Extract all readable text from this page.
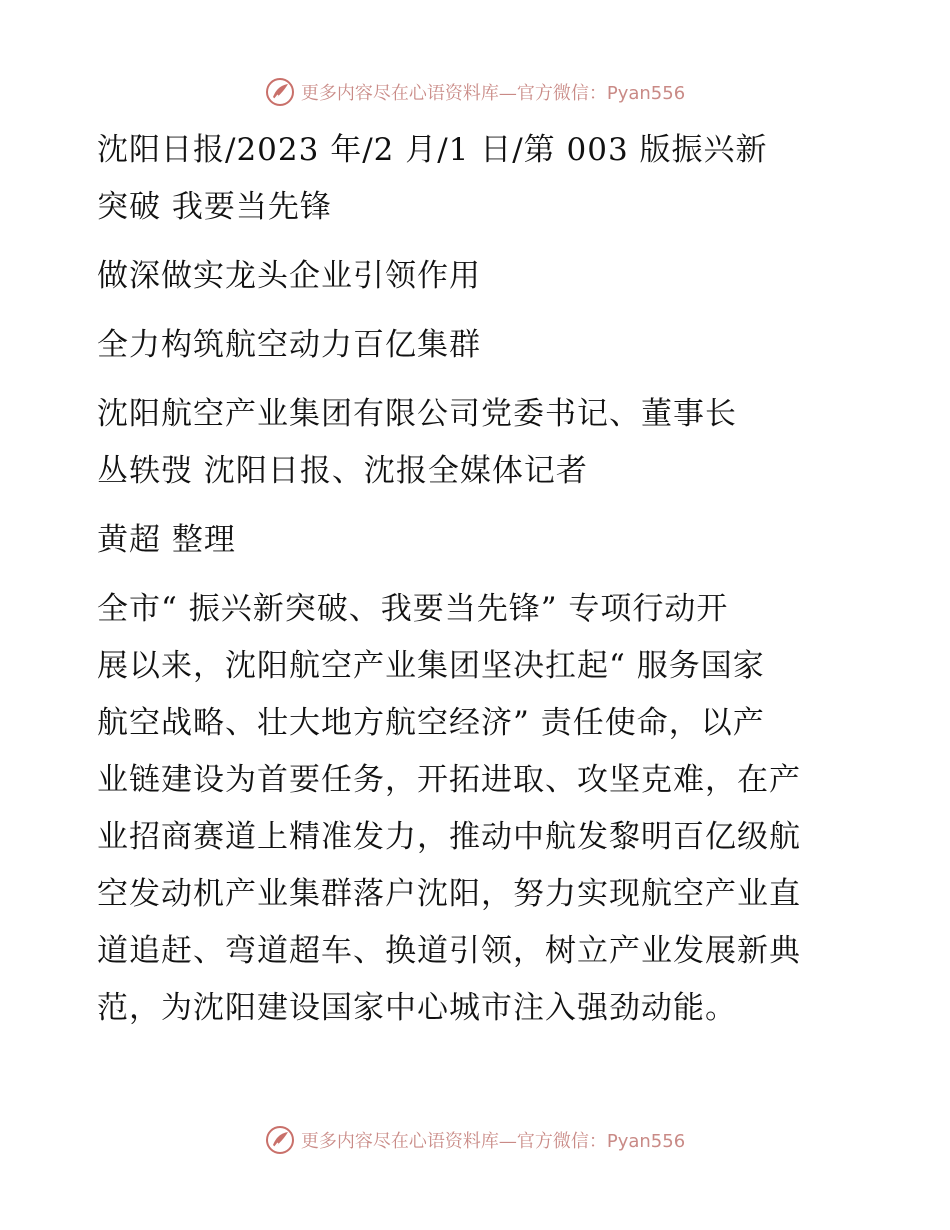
更多内容尽在心语资料库—官方微信：Pyan556
沈阳日报/2023 年/2 月/1 日/第 003 版振兴新
突破 我要当先锋
做深做实龙头企业引领作用
全力构筑航空动力百亿集群
沈阳航空产业集团有限公司党委书记、董事长
丛轶弢 沈阳日报、沈报全媒体记者
黄超 整理
全市“ 振兴新突破、我要当先锋” 专项行动开
展以来，沈阳航空产业集团坚决扛起“ 服务国家
航空战略、壮大地方航空经济” 责任使命，以产
业链建设为首要任务，开拓进取、攻坚克难，在产
业招商赛道上精准发力，推动中航发黎明百亿级航
空发动机产业集群落户沈阳，努力实现航空产业直
道追赶、弯道超车、换道引领，树立产业发展新典
范，为沈阳建设国家中心城市注入强劲动能。
更多内容尽在心语资料库—官方微信：Pyan556
